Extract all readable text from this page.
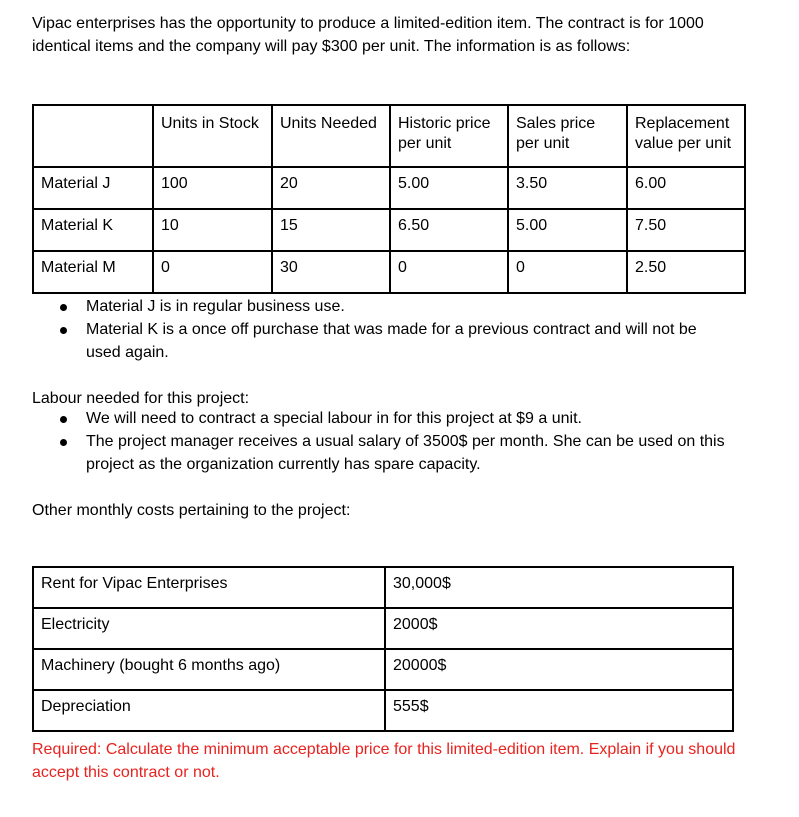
Vipac enterprises has the opportunity to produce a limited-edition item. The contract is for 1000 identical items and the company will pay $300 per unit. The information is as follows:

	Units in Stock	Units Needed	Historic price per unit	Sales price per unit	Replacement value per unit
Material J	100	20	5.00	3.50	6.00
Material K	10	15	6.50	5.00	7.50
Material M	0	30	0	0	2.50
Material J is in regular business use.
Material K is a once off purchase that was made for a previous contract and will not be used again.

Labour needed for this project:

We will need to contract a special labour in for this project at $9 a unit.
The project manager receives a usual salary of 3500$ per month. She can be used on this project as the organization currently has spare capacity.

Other monthly costs pertaining to the project:

Rent for Vipac Enterprises	30,000$
Electricity	2000$
Machinery (bought 6 months ago)	20000$
Depreciation	555$

Required: Calculate the minimum acceptable price for this limited-edition item. Explain if you should accept this contract or not.
